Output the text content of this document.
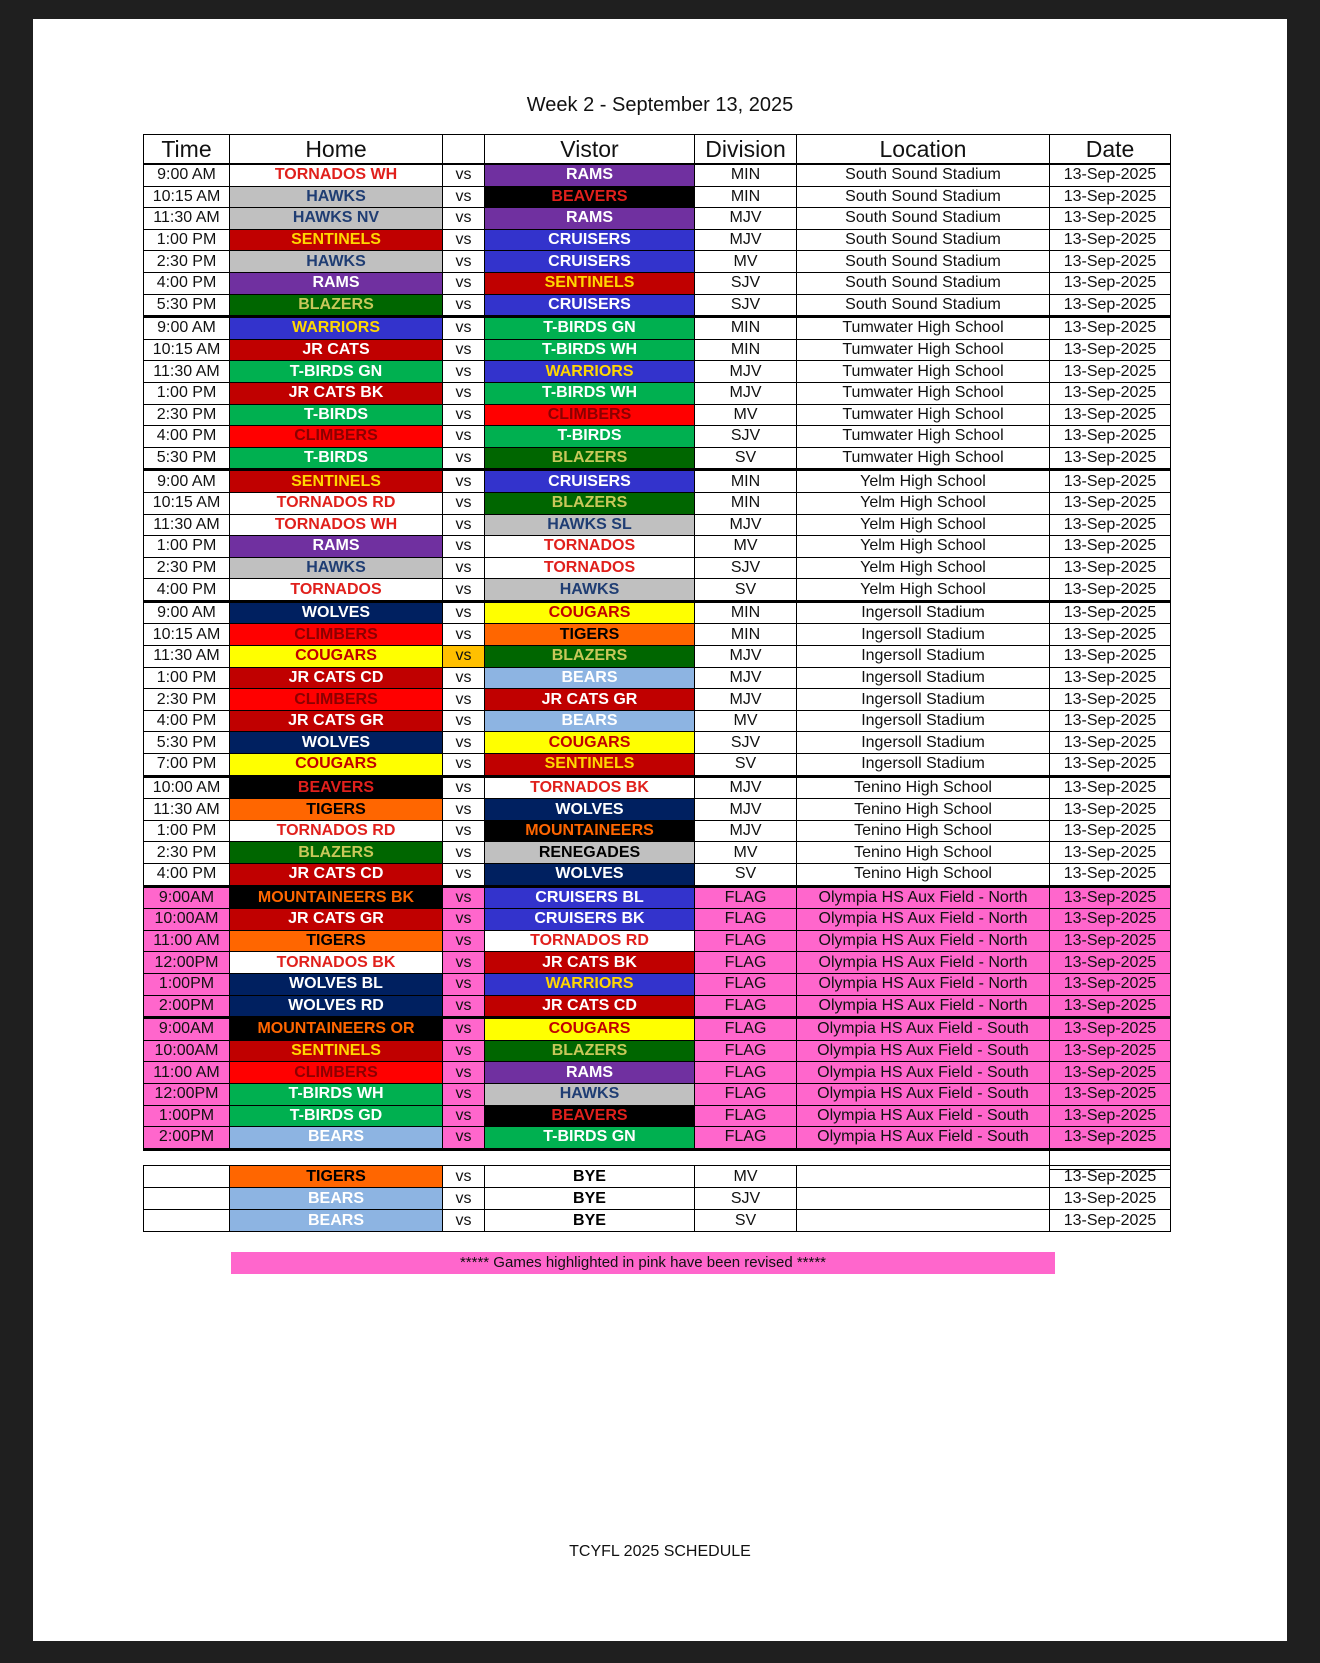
Week 2 - September 13, 2025
Time	Home		Vistor	Division	Location	Date
9:00 AM	TORNADOS WH	vs	RAMS	MIN	South Sound Stadium	13-Sep-2025
10:15 AM	HAWKS	vs	BEAVERS	MIN	South Sound Stadium	13-Sep-2025
11:30 AM	HAWKS NV	vs	RAMS	MJV	South Sound Stadium	13-Sep-2025
1:00 PM	SENTINELS	vs	CRUISERS	MJV	South Sound Stadium	13-Sep-2025
2:30 PM	HAWKS	vs	CRUISERS	MV	South Sound Stadium	13-Sep-2025
4:00 PM	RAMS	vs	SENTINELS	SJV	South Sound Stadium	13-Sep-2025
5:30 PM	BLAZERS	vs	CRUISERS	SJV	South Sound Stadium	13-Sep-2025
9:00 AM	WARRIORS	vs	T-BIRDS GN	MIN	Tumwater High School	13-Sep-2025
10:15 AM	JR CATS	vs	T-BIRDS WH	MIN	Tumwater High School	13-Sep-2025
11:30 AM	T-BIRDS GN	vs	WARRIORS	MJV	Tumwater High School	13-Sep-2025
1:00 PM	JR CATS BK	vs	T-BIRDS WH	MJV	Tumwater High School	13-Sep-2025
2:30 PM	T-BIRDS	vs	CLIMBERS	MV	Tumwater High School	13-Sep-2025
4:00 PM	CLIMBERS	vs	T-BIRDS	SJV	Tumwater High School	13-Sep-2025
5:30 PM	T-BIRDS	vs	BLAZERS	SV	Tumwater High School	13-Sep-2025
9:00 AM	SENTINELS	vs	CRUISERS	MIN	Yelm High School	13-Sep-2025
10:15 AM	TORNADOS RD	vs	BLAZERS	MIN	Yelm High School	13-Sep-2025
11:30 AM	TORNADOS WH	vs	HAWKS SL	MJV	Yelm High School	13-Sep-2025
1:00 PM	RAMS	vs	TORNADOS	MV	Yelm High School	13-Sep-2025
2:30 PM	HAWKS	vs	TORNADOS	SJV	Yelm High School	13-Sep-2025
4:00 PM	TORNADOS	vs	HAWKS	SV	Yelm High School	13-Sep-2025
9:00 AM	WOLVES	vs	COUGARS	MIN	Ingersoll Stadium	13-Sep-2025
10:15 AM	CLIMBERS	vs	TIGERS	MIN	Ingersoll Stadium	13-Sep-2025
11:30 AM	COUGARS	vs	BLAZERS	MJV	Ingersoll Stadium	13-Sep-2025
1:00 PM	JR CATS CD	vs	BEARS	MJV	Ingersoll Stadium	13-Sep-2025
2:30 PM	CLIMBERS	vs	JR CATS GR	MJV	Ingersoll Stadium	13-Sep-2025
4:00 PM	JR CATS GR	vs	BEARS	MV	Ingersoll Stadium	13-Sep-2025
5:30 PM	WOLVES	vs	COUGARS	SJV	Ingersoll Stadium	13-Sep-2025
7:00 PM	COUGARS	vs	SENTINELS	SV	Ingersoll Stadium	13-Sep-2025
10:00 AM	BEAVERS	vs	TORNADOS BK	MJV	Tenino High School	13-Sep-2025
11:30 AM	TIGERS	vs	WOLVES	MJV	Tenino High School	13-Sep-2025
1:00 PM	TORNADOS RD	vs	MOUNTAINEERS	MJV	Tenino High School	13-Sep-2025
2:30 PM	BLAZERS	vs	RENEGADES	MV	Tenino High School	13-Sep-2025
4:00 PM	JR CATS CD	vs	WOLVES	SV	Tenino High School	13-Sep-2025
9:00AM	MOUNTAINEERS BK	vs	CRUISERS BL	FLAG	Olympia HS Aux Field - North	13-Sep-2025
10:00AM	JR CATS GR	vs	CRUISERS BK	FLAG	Olympia HS Aux Field - North	13-Sep-2025
11:00 AM	TIGERS	vs	TORNADOS RD	FLAG	Olympia HS Aux Field - North	13-Sep-2025
12:00PM	TORNADOS BK	vs	JR CATS BK	FLAG	Olympia HS Aux Field - North	13-Sep-2025
1:00PM	WOLVES BL	vs	WARRIORS	FLAG	Olympia HS Aux Field - North	13-Sep-2025
2:00PM	WOLVES RD	vs	JR CATS CD	FLAG	Olympia HS Aux Field - North	13-Sep-2025
9:00AM	MOUNTAINEERS OR	vs	COUGARS	FLAG	Olympia HS Aux Field - South	13-Sep-2025
10:00AM	SENTINELS	vs	BLAZERS	FLAG	Olympia HS Aux Field - South	13-Sep-2025
11:00 AM	CLIMBERS	vs	RAMS	FLAG	Olympia HS Aux Field - South	13-Sep-2025
12:00PM	T-BIRDS WH	vs	HAWKS	FLAG	Olympia HS Aux Field - South	13-Sep-2025
1:00PM	T-BIRDS GD	vs	BEAVERS	FLAG	Olympia HS Aux Field - South	13-Sep-2025
2:00PM	BEARS	vs	T-BIRDS GN	FLAG	Olympia HS Aux Field - South	13-Sep-2025

	TIGERS	vs	BYE	MV		13-Sep-2025
	BEARS	vs	BYE	SJV		13-Sep-2025
	BEARS	vs	BYE	SV		13-Sep-2025
***** Games highlighted in pink have been revised *****
TCYFL 2025 SCHEDULE
